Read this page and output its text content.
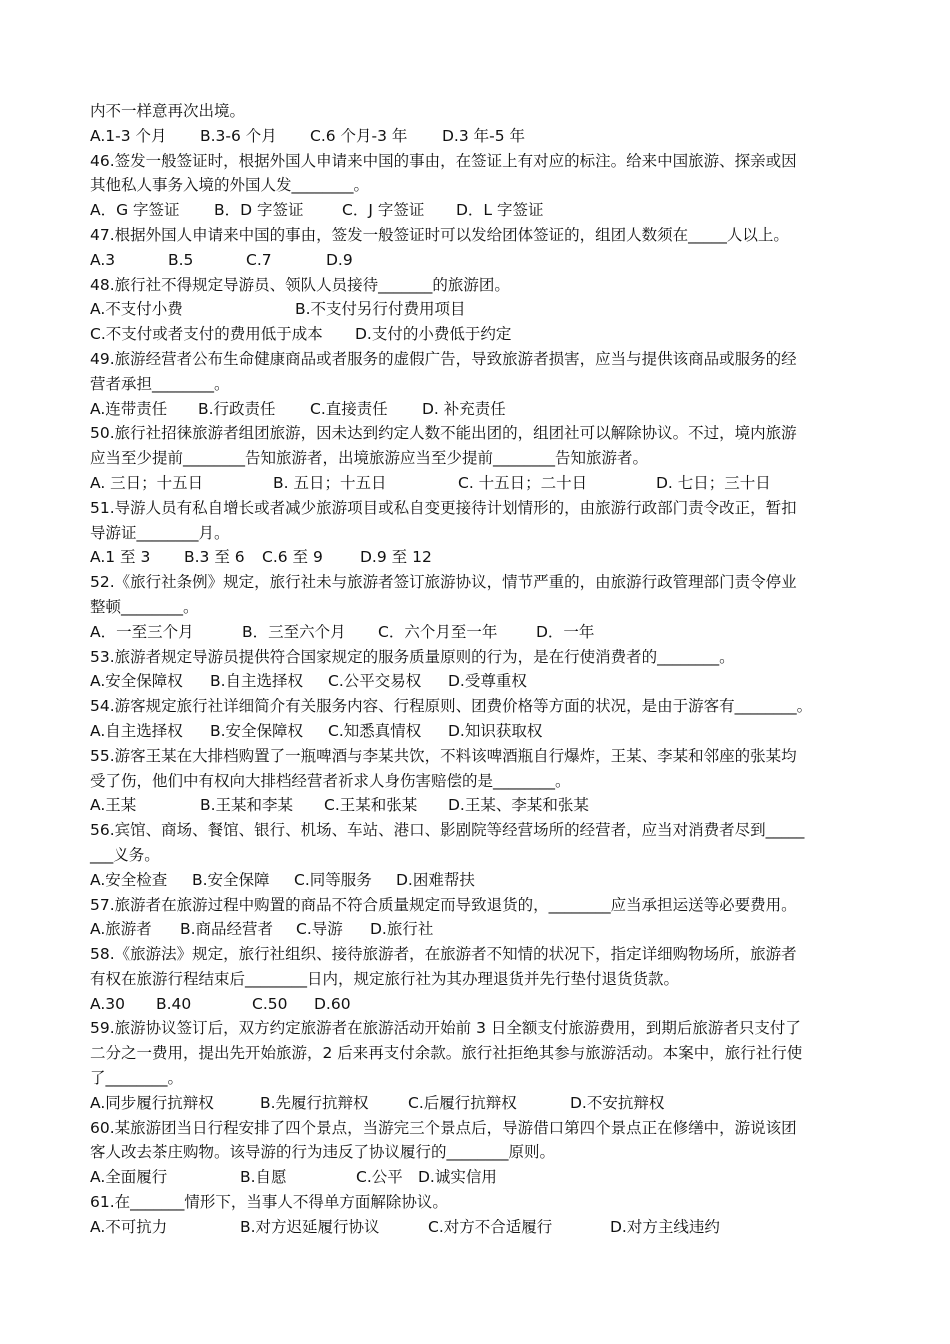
内不一样意再次出境。
A.1-3 个月	B.3-6 个月	C.6 个月-3 年	D.3 年-5 年
46.签发一般签证时，根据外国人申请来中国的事由，在签证上有对应的标注。给来中国旅游、探亲或因
其他私人事务入境的外国人发________。
A．G 字签证	B．D 字签证	C．J 字签证	D．L 字签证
47.根据外国人申请来中国的事由，签发一般签证时可以发给团体签证的，组团人数须在_____人以上。
A.3	B.5	C.7	D.9
48.旅行社不得规定导游员、领队人员接待_______的旅游团。
A.不支付小费	B.不支付另行付费用项目
C.不支付或者支付的费用低于成本	D.支付的小费低于约定
49.旅游经营者公布生命健康商品或者服务的虚假广告，导致旅游者损害，应当与提供该商品或服务的经
营者承担________。
A.连带责任	B.行政责任	C.直接责任	D. 补充责任
50.旅行社招徕旅游者组团旅游，因未达到约定人数不能出团的，组团社可以解除协议。不过，境内旅游
应当至少提前________告知旅游者，出境旅游应当至少提前________告知旅游者。
A. 三日；十五日	B. 五日；十五日	C. 十五日；二十日	D. 七日；三十日
51.导游人员有私自增长或者减少旅游项目或私自变更接待计划情形的，由旅游行政部门责令改正，暂扣
导游证________月。
A.1 至 3	B.3 至 6	C.6 至 9	D.9 至 12
52.《旅行社条例》规定，旅行社未与旅游者签订旅游协议，情节严重的，由旅游行政管理部门责令停业
整顿________。
A．一至三个月	B．三至六个月	C．六个月至一年	D．一年
53.旅游者规定导游员提供符合国家规定的服务质量原则的行为，是在行使消费者的________。
A.安全保障权	B.自主选择权	C.公平交易权	D.受尊重权
54.游客规定旅行社详细简介有关服务内容、行程原则、团费价格等方面的状况，是由于游客有________。
A.自主选择权	B.安全保障权	C.知悉真情权	D.知识获取权
55.游客王某在大排档购置了一瓶啤酒与李某共饮，不料该啤酒瓶自行爆炸，王某、李某和邻座的张某均
受了伤，他们中有权向大排档经营者祈求人身伤害赔偿的是________。
A.王某	B.王某和李某	C.王某和张某	D.王某、李某和张某
56.宾馆、商场、餐馆、银行、机场、车站、港口、影剧院等经营场所的经营者，应当对消费者尽到_____
___义务。
A.安全检查	B.安全保障	C.同等服务	D.困难帮扶
57.旅游者在旅游过程中购置的商品不符合质量规定而导致退货的，________应当承担运送等必要费用。
A.旅游者	B.商品经营者	C.导游	D.旅行社
58.《旅游法》规定，旅行社组织、接待旅游者，在旅游者不知情的状况下，指定详细购物场所，旅游者
有权在旅游行程结束后________日内，规定旅行社为其办理退货并先行垫付退货货款。
A.30	B.40	C.50	D.60
59.旅游协议签订后，双方约定旅游者在旅游活动开始前 3 日全额支付旅游费用，到期后旅游者只支付了
二分之一费用，提出先开始旅游，2 后来再支付余款。旅行社拒绝其参与旅游活动。本案中，旅行社行使
了________。
A.同步履行抗辩权	B.先履行抗辩权	C.后履行抗辩权	D.不安抗辩权
60.某旅游团当日行程安排了四个景点，当游完三个景点后，导游借口第四个景点正在修缮中，游说该团
客人改去茶庄购物。该导游的行为违反了协议履行的________原则。
A.全面履行	B.自愿	C.公平 D.诚实信用
61.在_______情形下，当事人不得单方面解除协议。
A.不可抗力	B.对方迟延履行协议	C.对方不合适履行	D.对方主线违约
